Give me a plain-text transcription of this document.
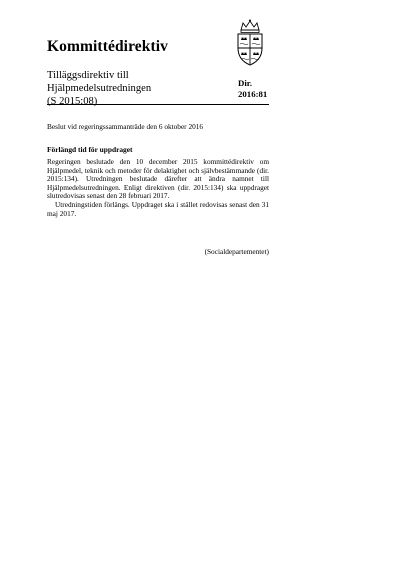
Kommittédirektiv
Tilläggsdirektiv till Hjälpmedelsutredningen
(S 2015:08)
Dir.
2016:81
Beslut vid regeringssammanträde den 6 oktober 2016
Förlängd tid för uppdraget

Regeringen beslutade den 10 december 2015 kommittédirektiv om Hjälpmedel, teknik och metoder för delaktighet och självbestämmande (dir. 2015:134). Utredningen beslutade därefter att ändra namnet till Hjälpmedelsutredningen. Enligt direktiven (dir. 2015:134) ska uppdraget slutredovisas senast den 28 februari 2017.

Utredningstiden förlängs. Uppdraget ska i stället redovisas senast den 31 maj 2017.

(Socialdepartementet)
